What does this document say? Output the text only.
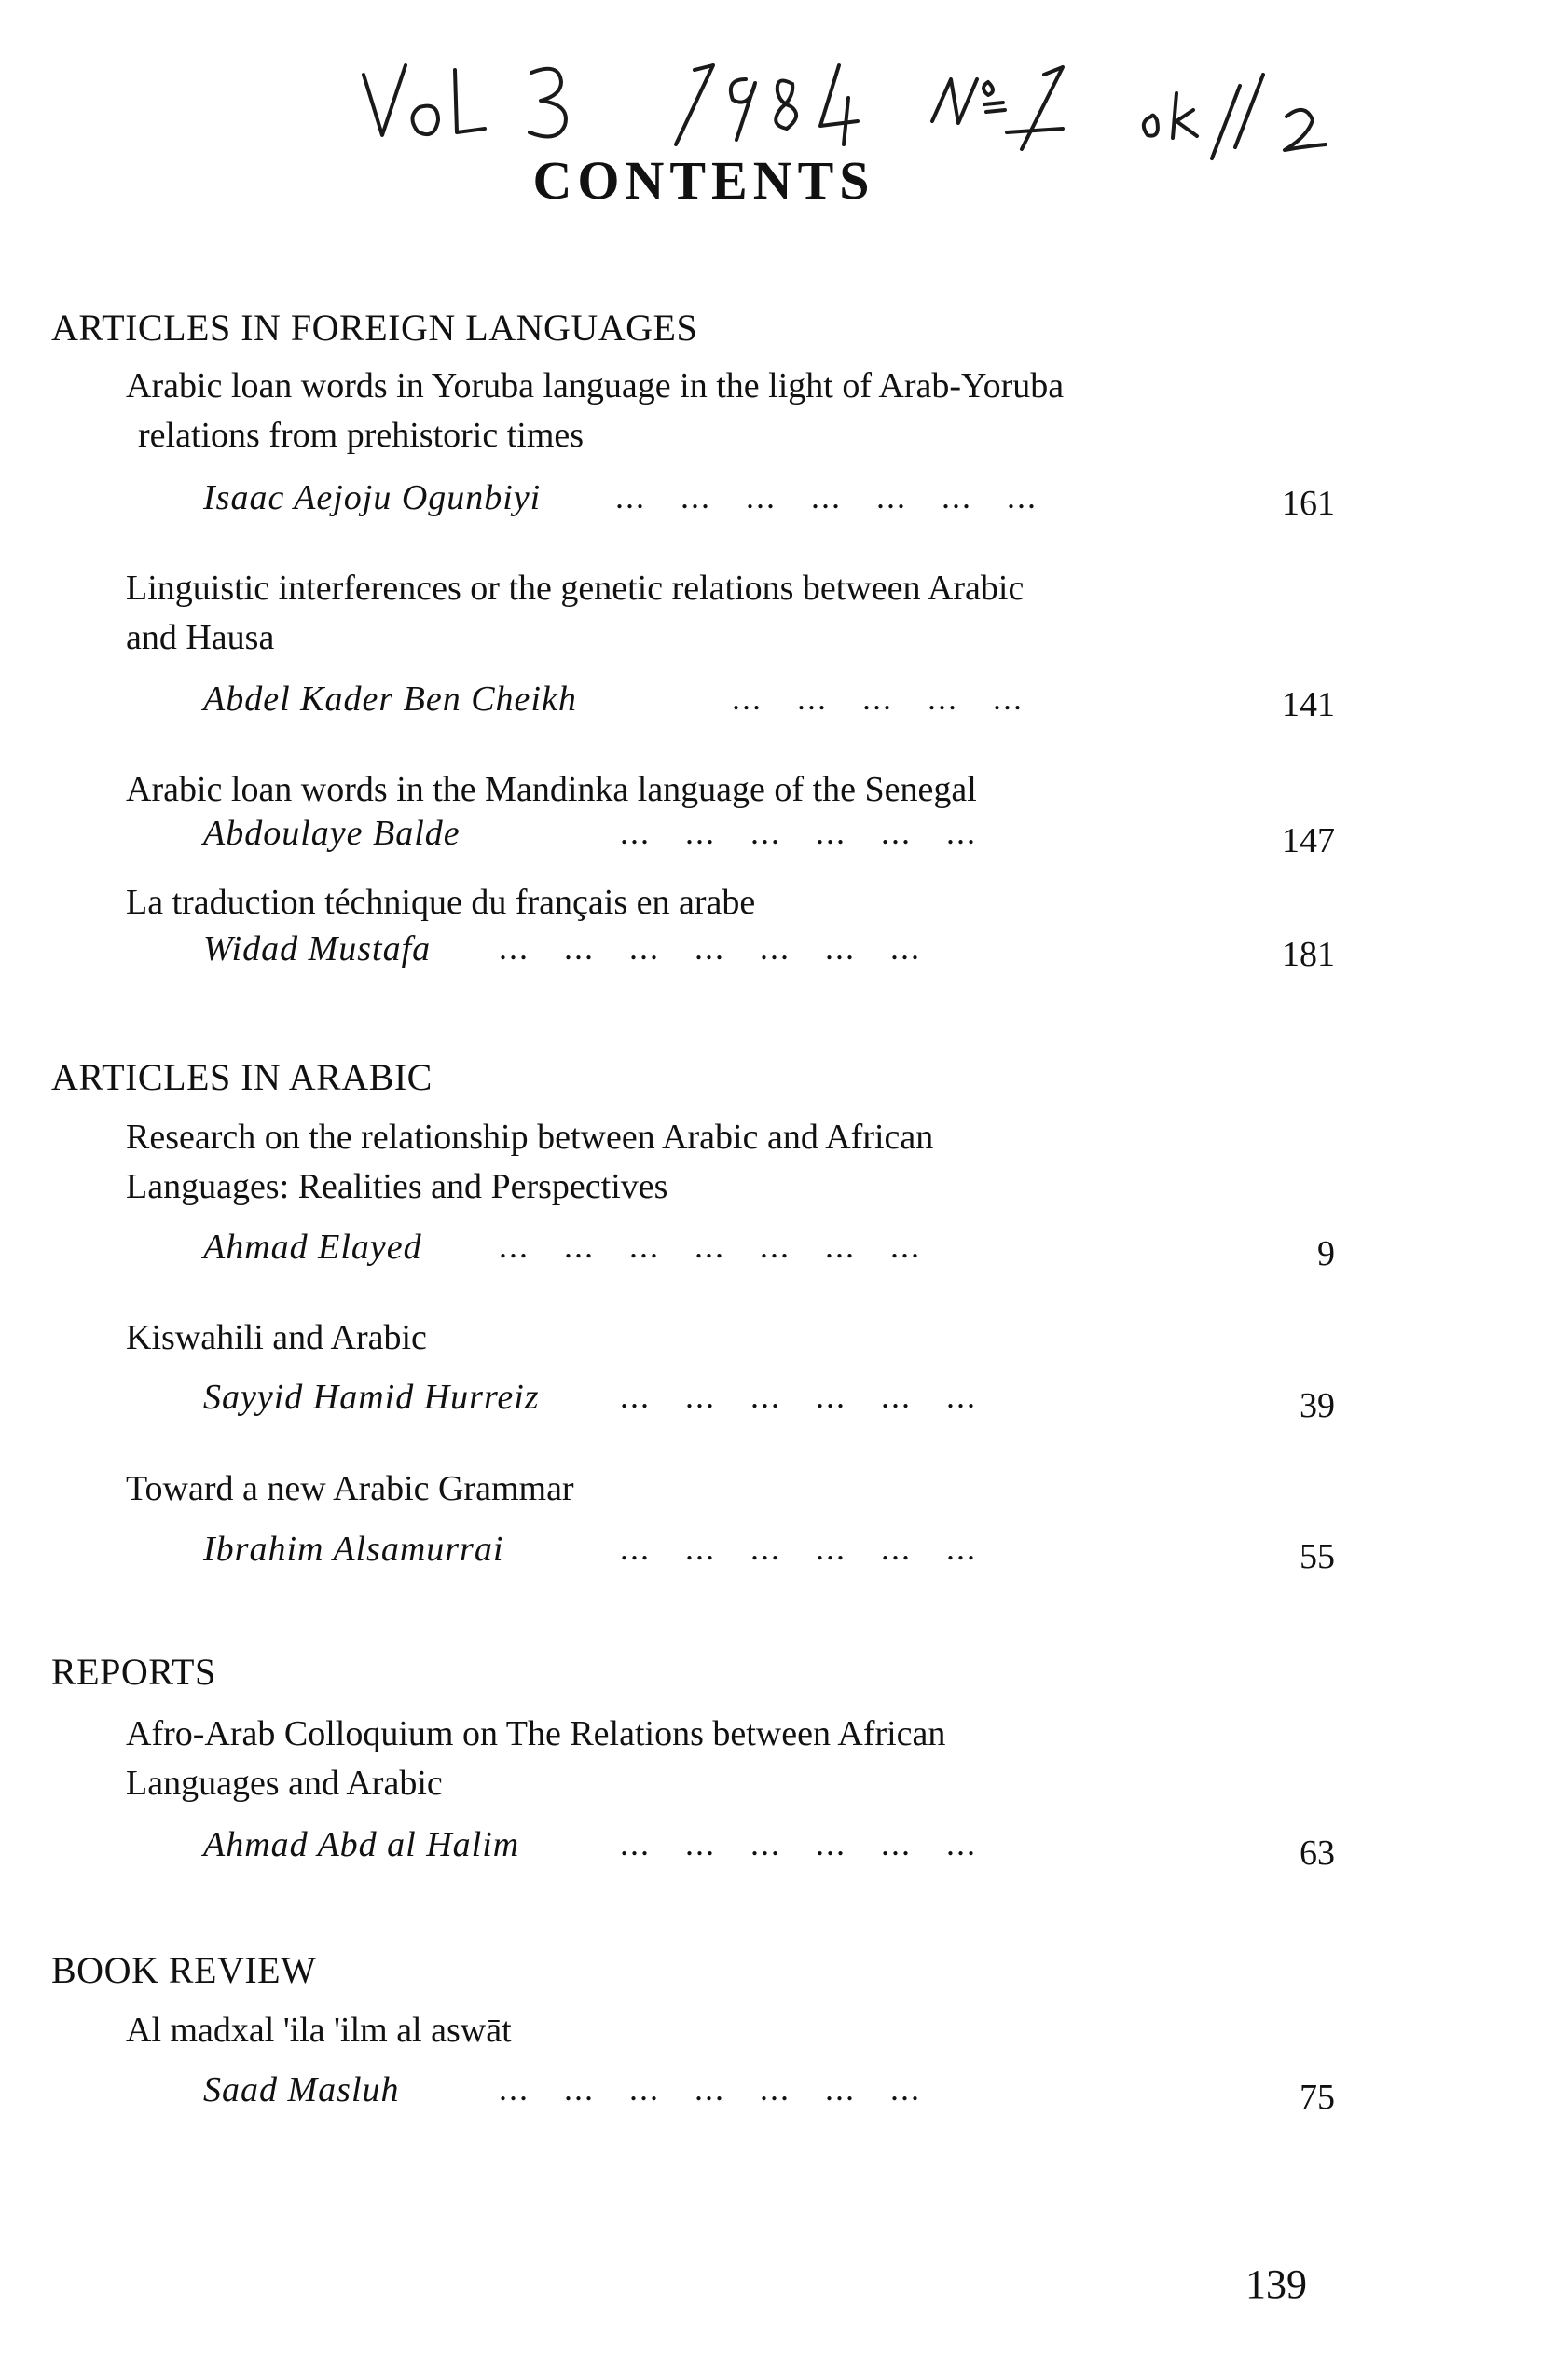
CONTENTS
ARTICLES IN FOREIGN LANGUAGES
Arabic loan words in Yoruba language in the light of Arab-Yoruba
relations from prehistoric times
Isaac Aejoju Ogunbiyi ... ... ... ... ... ... ...	161
Linguistic interferences or the genetic relations between Arabic
and Hausa
Abdel Kader Ben Cheikh	... ... ... ... ...	141
Arabic loan words in the Mandinka language of the Senegal
Abdoulaye Balde	... ... ... ... ... ...	147
La traduction téchnique du français en arabe
Widad Mustafa ... ... ... ... ... ... ...	181
ARTICLES IN ARABIC
Research on the relationship between Arabic and African
Languages: Realities and Perspectives
Ahmad Elayed ... ... ... ... ... ... ...	9
Kiswahili and Arabic
Sayyid Hamid Hurreiz ... ... ... ... ... ...	39
Toward a new Arabic Grammar
Ibrahim Alsamurrai	... ... ... ... ... ...	55
REPORTS
Afro-Arab Colloquium on The Relations between African
Languages and Arabic
Ahmad Abd al Halim	... ... ... ... ... ...	63
BOOK REVIEW
Al madxal 'ila 'ilm al aswāt
Saad Masluh	... ... ... ... ... ... ...	75
139
